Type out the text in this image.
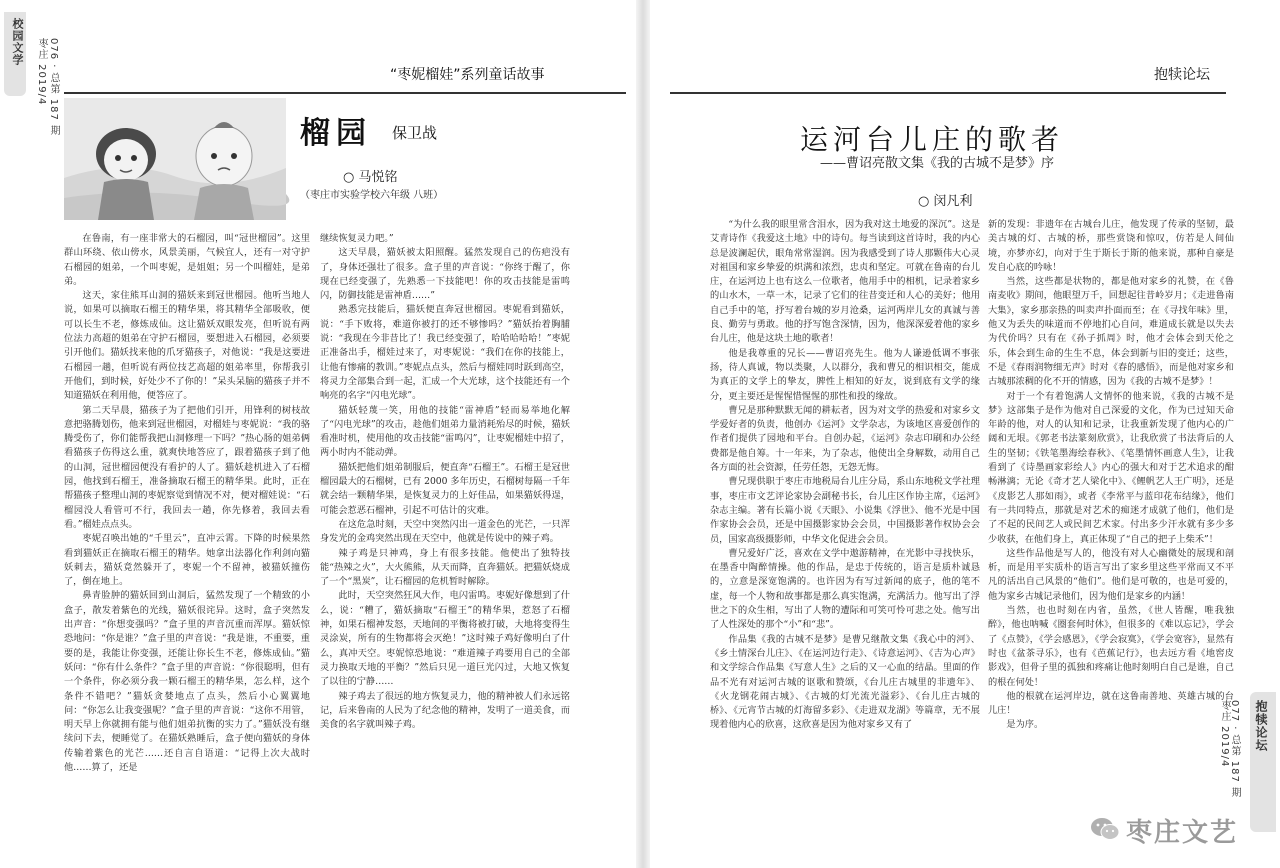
校园文学 枣庄 2019/4 076 · 总第 187 期	“枣妮榴娃”系列童话故事
榴园 保卫战
○ 马悦铭
（枣庄市实验学校六年级 八班）

在鲁南，有一座非常大的石榴园，叫“冠世榴园”。这里群山环绕、依山傍水，风景美丽，气候宜人，还有一对守护石榴园的姐弟，一个叫枣妮，是姐姐；另一个叫榴娃，是弟弟。

这天，家住熊耳山洞的猫妖来到冠世榴园。他听当地人说，如果可以摘取石榴王的精华果，将其精华全部吸收，便可以长生不老，修炼成仙。这让猫妖双眼发亮，但听说有两位法力高超的姐弟在守护石榴园，要想进入石榴园，必须要引开他们。猫妖找来他的爪牙猫孩子，对他说：“我是这要进石榴园一趟，但听说有两位技艺高超的姐弟率里，你帮我引开他们，到时候，好处少不了你的！”呆头呆脑的猫孩子并不知道猫妖在利用他，便答应了。

第二天早晨，猫孩子为了把他们引开，用锋利的树枝故意把骆腾划伤，他来到冠世榴园，对榴娃与枣妮说：“我的骆腾受伤了，你们能帮我把山洞修理一下吗？”热心肠的姐弟俩看猫孩子伤得这么重，就爽快地答应了，跟着猫孩子到了他的山洞，冠世榴园便没有看护的人了。猫妖趁机进入了石榴园，他找到石榴王，准备摘取石榴王的精华果。此时，正在帮猫孩子整理山洞的枣妮察觉到情况不对，便对榴娃说：“石榴园没人看管可不行，我回去一趟，你先修着，我回去看看。”榴娃点点头。

枣妮召唤出她的“千里云”，直冲云霄。下降的时候果然看到猫妖正在摘取石榴王的精华。她拿出法器化作利剑向猫妖刺去，猫妖竟然躲开了，枣妮一个不留神，被猫妖撞伤了，倒在地上。

鼻青脸肿的猫妖回到山洞后，猛然发现了一个精致的小盒子，散发着紫色的光线，猫妖很诧异。这时，盒子突然发出声音：“你想变强吗？”盒子里的声音沉重而浑厚。猫妖惊恐地问：“你是谁？”盒子里的声音说：“我是谁，不重要，重要的是，我能让你变强，还能让你长生不老，修炼成仙。”猫妖问：“你有什么条件？”盒子里的声音说：“你很聪明，但有一个条件，你必须分我一颗石榴王的精华果，怎么样，这个条件不错吧？”猫妖贪婪地点了点头，然后小心翼翼地问：“你怎么让我变强呢？”盒子里的声音说：“这你不用管，明天早上你就拥有能与他们姐弟抗衡的实力了。”猫妖没有继续问下去，便睡觉了。在猫妖熟睡后，盒子便向猫妖的身体传输着紫色的光芒……还自言自语道：“记得上次大战时他……算了，还是

继续恢复灵力吧。”

这天早晨，猫妖被太阳照醒。猛然发现自己的伤疤没有了，身体还强壮了很多。盒子里的声音说：“你终于醒了，你现在已经变强了，先熟悉一下技能吧！你的攻击技能是雷鸣闪，防御技能是雷神盾……”

熟悉完技能后，猫妖便直奔冠世榴园。枣妮看到猫妖，说：“手下败将，难道你被打的还不够惨吗？”猫妖抬着胸脯说：“我现在今非昔比了！我已经变强了，哈哈哈哈哈！”枣妮正准备出手，榴娃过来了，对枣妮说：“我们在你的技能上，让他有惨痛的教训。”枣妮点点头，然后与榴娃同时跃到高空，将灵力全部集合到一起，汇成一个大光球，这个技能还有一个响亮的名字“闪电光球”。

猫妖轻蔑一笑，用他的技能“雷神盾”轻而易举地化解了“闪电光球”的攻击，趁他们姐弟力量消耗殆尽的时候，猫妖看准时机，使用他的攻击技能“雷鸣闪”，让枣妮榴娃中招了，两小时内不能动弹。

猫妖把他们姐弟制服后，便直奔“石榴王”。石榴王是冠世榴园最大的石榴树，已有 2000 多年历史，石榴树每隔一千年就会结一颗精华果，是恢复灵力的上好佳品，如果猫妖得逞，可能会惹恶石榴神，引起不可估计的灾难。

在这危急时刻，天空中突然闪出一道金色的光芒，一只浑身发光的金鸡突然出现在天空中，他就是传说中的辣子鸡。

辣子鸡是只神鸡，身上有很多技能。他使出了独特技能“热辣之火”，大火熊熊，从天而降，直奔猫妖。把猫妖烧成了一个“黑炭”，让石榴园的危机暂时解除。

此时，天空突然狂风大作，电闪雷鸣。枣妮好像想到了什么，说：“糟了，猫妖摘取“石榴王”的精华果，惹怒了石榴神，如果石榴神发怒，天地间的平衡将被打破，大地将变得生灵涂炭，所有的生物都将会灭绝！”这时辣子鸡好像明白了什么，真冲天空。枣妮惊恐地说：“难道辣子鸡要用自己的全部灵力换取天地的平衡？”然后只见一道巨光闪过，大地又恢复了以往的宁静……

辣子鸡去了很远的地方恢复灵力，他的精神被人们永远铭记，后来鲁南的人民为了纪念他的精神，发明了一道美食，而美食的名字就叫辣子鸡。

抱犊论坛
运河台儿庄的歌者
——曹诏亮散文集《我的古城不是梦》序
○ 闵凡利

“为什么我的眼里常含泪水，因为我对这土地爱的深沉”。这是艾青诗作《我爱这土地》中的诗句。每当读到这首诗时，我的内心总是波澜起伏，眼角常常湿润。因为我感受到了诗人那颗伟大心灵对祖国和家乡挚爱的炽满和浓烈，忠贞和坚定。可就在鲁南的台儿庄，在运河边上也有这么一位歌者，他用手中的相机，记录着家乡的山水木，一草一木，记录了它们的往昔变迁和人心的美好；他用自己手中的笔，抒写着台城的岁月沧桑，运河两岸儿女的真诚与善良、勤劳与勇敢。他的抒写饱含深情，因为，他深深爱着他的家乡台儿庄，他是这块土地的歌者！

他是我尊重的兄长——曹诏亮先生。他为人谦逊低调不事张扬，待人真诚，物以类聚，人以群分，我和曹兄的相识相交，能成为真正的文学上的挚友，脾性上相知的好友，说到底有文学的缘分，更主要还是惺惺惜惺惺的那性和投的缘故。

曹兄是那种默默无闻的耕耘者，因为对文学的热爱和对家乡文学爱好者的负责，他创办《运河》文学杂志，为该地区喜爱创作的作者们提供了园地和平台。自创办起，《运河》杂志印刷和办公经费都是他自筹。十一年来，为了杂志，他使出全身解数，动用自己各方面的社会资源，任劳任怨，无怨无悔。

曹兄现供职于枣庄市地税局台儿庄分局，系山东地税文学社理事，枣庄市文艺评论家协会副秘书长，台儿庄区作协主席，《运河》杂志主编。著有长篇小说《天眼》、小说集《浮世》、他不光是中国作家协会会员，还是中国摄影家协会会员，中国摄影著作权协会会员，国家高级摄影师，中华文化促进会会员。

曹兄爱好广泛，喜欢在文学中遨游精神，在光影中寻找快乐，在墨香中陶醉情操。他的作品，是忠于传统的，语言是质朴诚恳的，立意是深宽饱满的。也许因为有写过新闻的底子，他的笔不虚，每一个人物和故事都是那么真实饱满，充满活力。他写出了浮世之下的众生相，写出了人物的遭际和可笑可怜可悲之处。他写出了人性深处的那个“小”和“悲”。

作品集《我的古城不是梦》是曹兄继散文集《我心中的河》、《乡土情深台儿庄》、《在运河边行走》、《诗意运河》、《吉为心声》和文学综合作品集《写意人生》之后的又一心血的结晶。里面的作品不光有对运河古城的讴歌和赞颂，《台儿庄古城里的非遗年》、《火龙钢花闹古城》、《古城的灯光流光溢彩》、《台儿庄古城的桥》、《元宵节古城的灯海留多彩》、《走进双龙湖》等篇章，无不展现着他内心的欣喜，这欣喜是因为他对家乡又有了

新的发现：非遗年在古城台儿庄，他发现了传承的坚韧，最美古城的灯、古城的桥，那些赏饶和惊叹，仿若是人间仙境，亦梦亦幻，向对于生于斯长于斯的他来说，那种自豪是发自心底的吟咏！

当然，这些都是状物的，都是他对家乡的礼赞，在《鲁南麦收》期间，他眼望万千，回想起往昔岭岁月；《走进鲁南大集》，家乡那亲热的叫卖声扑面而至；在《寻找年味》里，他又为丢失的味道而不停地扪心自问，难道成长就是以失去为代价吗？只有在《孙子抓周》时，他才会体会到天伦之乐，体会到生命的生生不息，体会到新与旧的变迁；这些，不是《春雨润物细无声》时对《春的感悟》，而是他对家乡和古城那浓稠的化不开的情感，因为《我的古城不是梦》！

对于一个有着饱满人文情怀的他来说，《我的古城不是梦》这部集子是作为他对自己深爱的文化，作为已过知天命年龄的他，对人的认知和记录，让我重新发现了他内心的广阔和无垠。《郭老书法篆刻欣赏》，让我欣赏了书法背后的人生的坚韧；《铁笔墨海绘春秋》、《笔墨情怀画意人生》，让我看到了《诗墨画家彩绘人》内心的强大和对于艺术追求的酣畅淋漓；无论《奇才艺人梁化中》、《鲤帆艺人王广明》，还是《皮影艺人那如雨》，或者《李常平与蓝印花布结缘》，他们有一共同特点，那就是对艺术的痴迷才成就了他们，他们是了不起的民间艺人或民间艺术家。付出多少汗水就有多少多少收获，在他们身上，真正体现了“自己的把子上柴禾”！

这些作品他是写人的，他没有对人心幽微处的展现和剖析，而是用平实质朴的语言写出了家乡里这些平常而又不平凡的活出自己风景的“他们”。他们是可敬的，也是可爱的，他为家乡古城记录他们，因为他们是家乡的内涵！

当然，也也时刻在内省，虽然，《世人皆醒，唯我独醉》，他也呐喊《圈套何时休》，但很多的《难以忘记》，学会了《点赞》，《学会感恩》，《学会寂寞》，《学会宽容》，显然有时也《盆茶寻乐》，也有《芭蕉记行》，也去远方看《地窖皮影戏》，但骨子里的孤独和疼痛让他时刻明白自己是谁，自己的根在何处！

他的根就在运河岸边，就在这鲁南善地、英雄古城的台儿庄！

是为序。	抱犊论坛
枣庄 2019/4 077 · 总第 187 期
枣庄文艺
